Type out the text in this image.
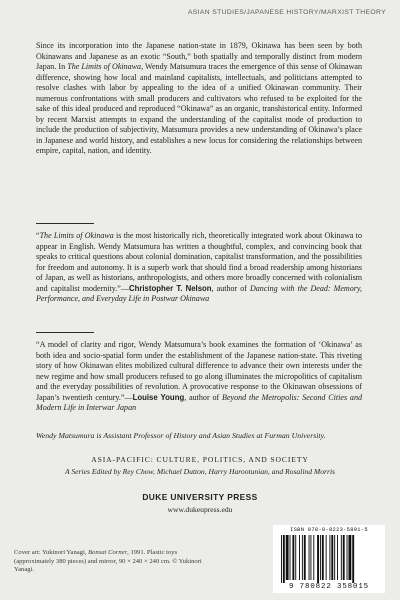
ASIAN STUDIES/JAPANESE HISTORY/MARXIST THEORY
Since its incorporation into the Japanese nation-state in 1879, Okinawa has been seen by both Okinawans and Japanese as an exotic “South,” both spatially and temporally distinct from modern Japan. In The Limits of Okinawa, Wendy Matsumura traces the emergence of this sense of Okinawan difference, showing how local and mainland capitalists, intellectuals, and politicians attempted to resolve clashes with labor by appealing to the idea of a unified Okinawan community. Their numerous confrontations with small producers and cultivators who refused to be exploited for the sake of this ideal produced and reproduced “Okinawa” as an organic, transhistorical entity. Informed by recent Marxist attempts to expand the understanding of the capitalist mode of production to include the production of subjectivity, Matsumura provides a new understanding of Okinawa’s place in Japanese and world history, and establishes a new locus for considering the relationships between empire, capital, nation, and identity.
“The Limits of Okinawa is the most historically rich, theoretically integrated work about Okinawa to appear in English. Wendy Matsumura has written a thoughtful, complex, and convincing book that speaks to critical questions about colonial domination, capitalist transformation, and the possibilities for freedom and autonomy. It is a superb work that should find a broad readership among historians of Japan, as well as historians, anthropologists, and others more broadly concerned with colonialism and capitalist modernity.”—Christopher T. Nelson, author of Dancing with the Dead: Memory, Performance, and Everyday Life in Postwar Okinawa
“A model of clarity and rigor, Wendy Matsumura’s book examines the formation of ‘Okinawa’ as both idea and socio-spatial form under the establishment of the Japanese nation-state. This riveting story of how Okinawan elites mobilized cultural difference to advance their own interests under the new regime and how small producers refused to go along illuminates the micropolitics of capitalism and the everyday possibilities of revolution. A provocative response to the Okinawan obsessions of Japan’s twentieth century.”—Louise Young, author of Beyond the Metropolis: Second Cities and Modern Life in Interwar Japan
Wendy Matsumura is Assistant Professor of History and Asian Studies at Furman University.
ASIA-PACIFIC: CULTURE, POLITICS, AND SOCIETY
A Series Edited by Rey Chow, Michael Dutton, Harry Harootunian, and Rosalind Morris
DUKE UNIVERSITY PRESS
www.dukeupress.edu
Cover art: Yukinori Yanagi, Bonsai Corner, 1991. Plastic toys (approximately 380 pieces) and mirror, 90 × 240 × 240 cm. © Yukinori Yanagi.
ISBN 978-0-8223-5801-5
9 780822 358015
